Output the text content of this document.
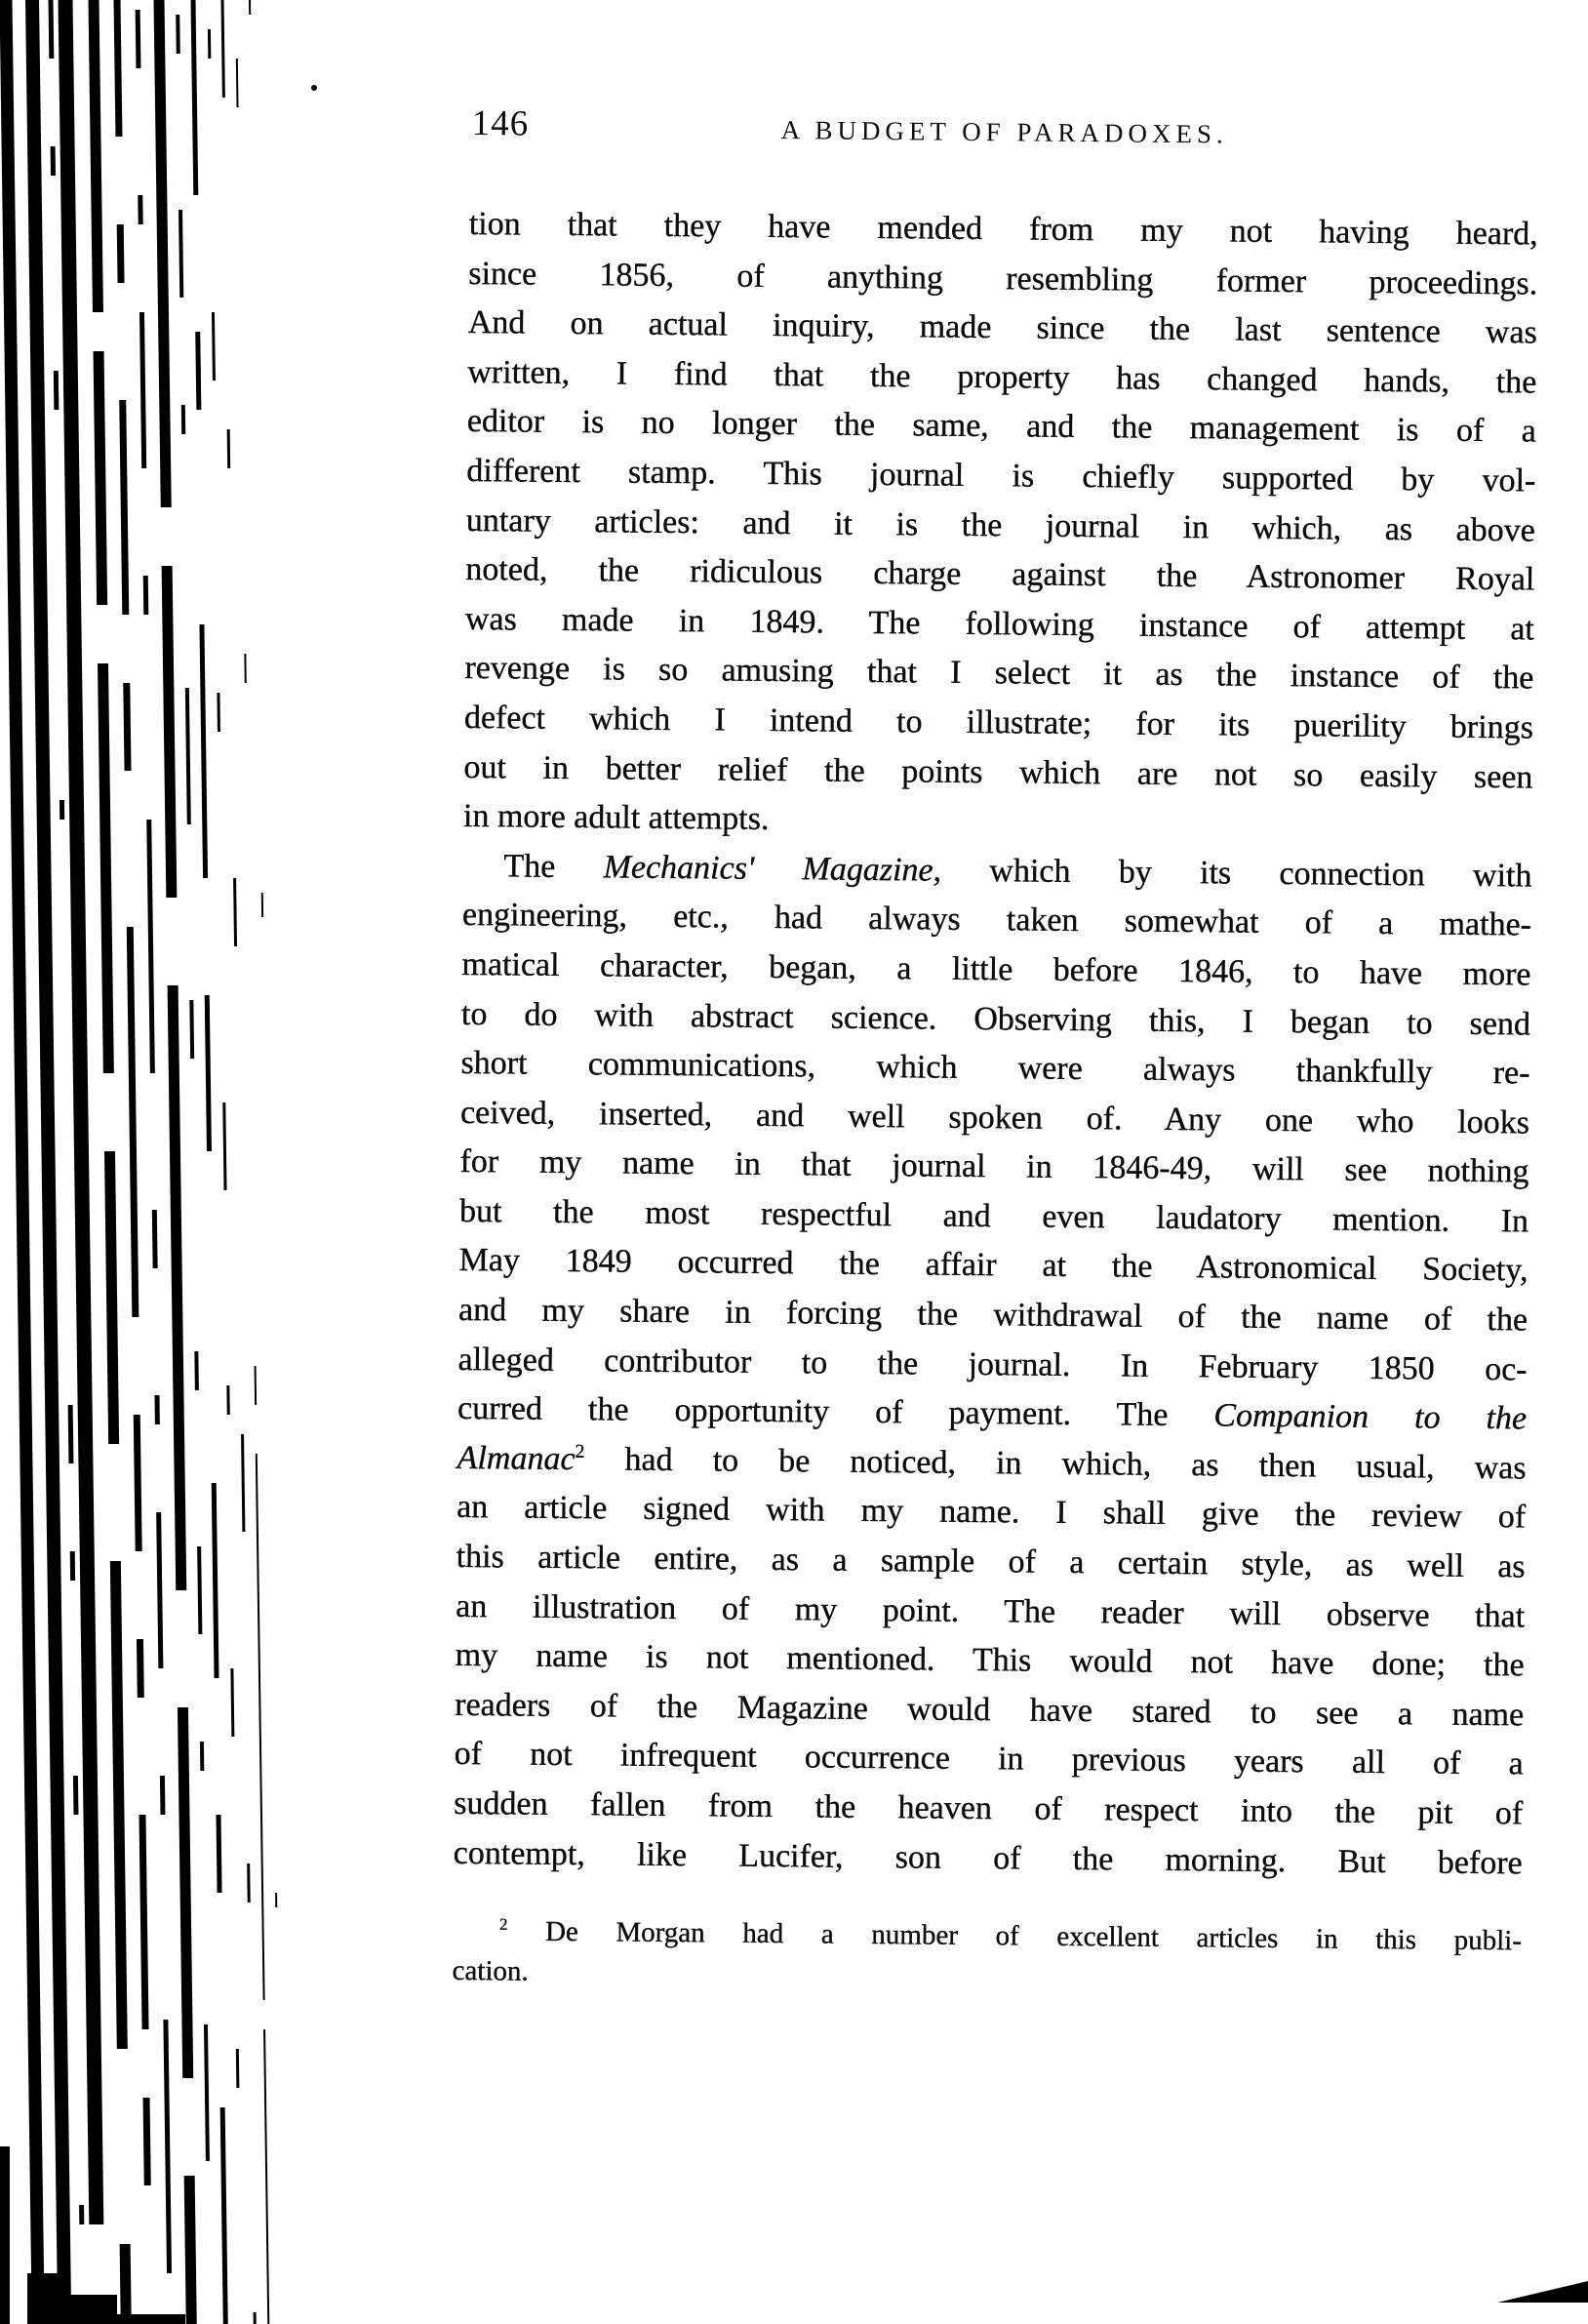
146	A BUDGET OF PARADOXES.
tion that they have mended from my not having heard,
since 1856, of anything resembling former proceedings.
And on actual inquiry, made since the last sentence was
written, I find that the property has changed hands, the
editor is no longer the same, and the management is of a
different stamp. This journal is chiefly supported by vol-
untary articles: and it is the journal in which, as above
noted, the ridiculous charge against the Astronomer Royal
was made in 1849. The following instance of attempt at
revenge is so amusing that I select it as the instance of the
defect which I intend to illustrate; for its puerility brings
out in better relief the points which are not so easily seen
in more adult attempts.
The Mechanics' Magazine, which by its connection with
engineering, etc., had always taken somewhat of a mathe-
matical character, began, a little before 1846, to have more
to do with abstract science. Observing this, I began to send
short communications, which were always thankfully re-
ceived, inserted, and well spoken of. Any one who looks
for my name in that journal in 1846-49, will see nothing
but the most respectful and even laudatory mention. In
May 1849 occurred the affair at the Astronomical Society,
and my share in forcing the withdrawal of the name of the
alleged contributor to the journal. In February 1850 oc-
curred the opportunity of payment. The Companion to the
Almanac$^2$ had to be noticed, in which, as then usual, was
an article signed with my name. I shall give the review of
this article entire, as a sample of a certain style, as well as
an illustration of my point. The reader will observe that
my name is not mentioned. This would not have done; the
readers of the Magazine would have stared to see a name
of not infrequent occurrence in previous years all of a
sudden fallen from the heaven of respect into the pit of
contempt, like Lucifer, son of the morning. But before
$^2$ De Morgan had a number of excellent articles in this publi-
cation.
